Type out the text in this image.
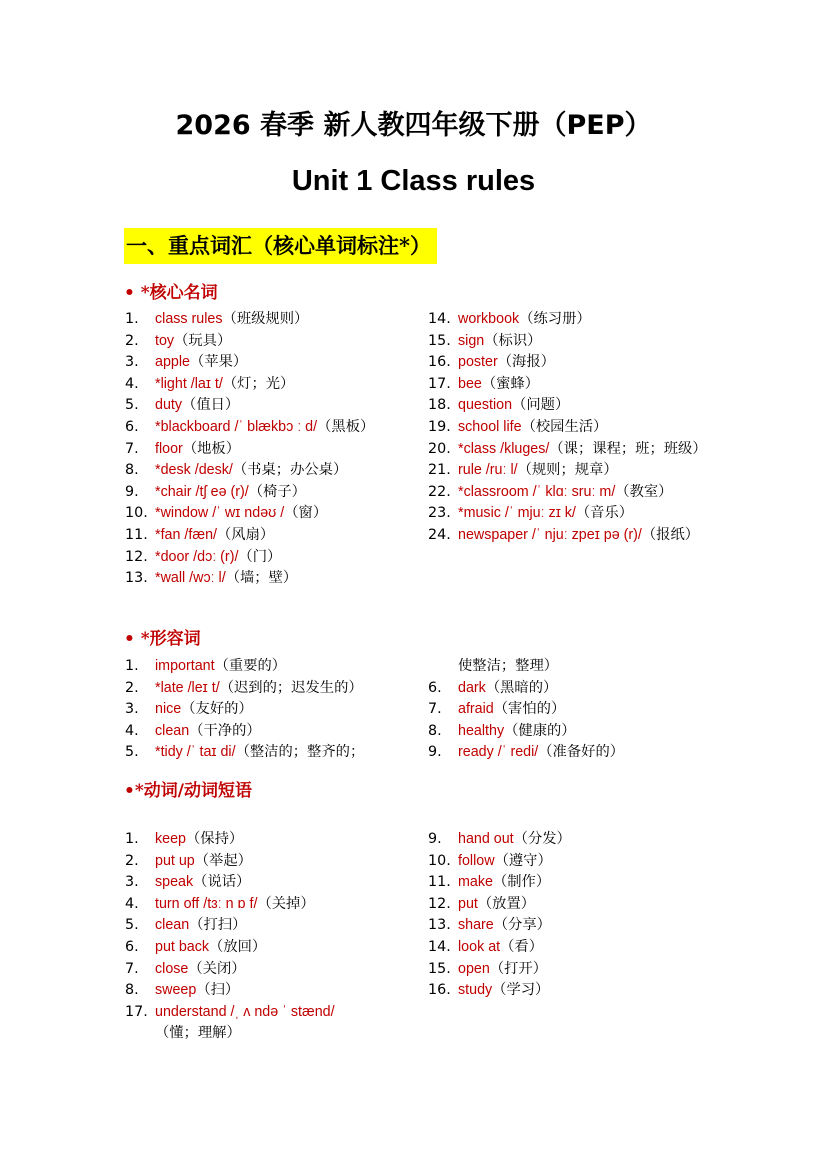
2026 春季 新人教四年级下册（PEP）
Unit 1 Class rules
一、重点词汇（核心单词标注*）
• *核心名词
1.	class rules（班级规则）
2.	toy（玩具）
3.	apple（苹果）
4.	*light /laɪ t/（灯；光）
5.	duty（值日）
6.	*blackboard /ˈ blækbɔ ː d/（黑板）
7.	floor（地板）
8.	*desk /desk/（书桌；办公桌）
9.	*chair /tʃ eə (r)/（椅子）
10. *window /ˈ wɪ ndəʊ /（窗）
11. *fan /fæn/（风扇）
12. *door /dɔː (r)/（门）
13. *wall /wɔː l/（墙；壁）
14. workbook（练习册）
15. sign（标识）
16. poster（海报）
17. bee（蜜蜂）
18. question（问题）
19. school life（校园生活）
20. *class /kluges/（课；课程；班；班级）
21. rule /ruː l/（规则；规章）
22. *classroom /ˈ klɑː sruː m/（教室）
23. *music /ˈ mjuː zɪ k/（音乐）
24. newspaper /ˈ njuː zpeɪ pə (r)/（报纸）
• *形容词
1.	important（重要的）
2.	*late /leɪ t/（迟到的；迟发生的）
3.	nice（友好的）
4.	clean（干净的）
5.	*tidy /ˈ taɪ di/（整洁的；整齐的；
使整洁；整理）
6.	dark（黑暗的）
7.	afraid（害怕的）
8.	healthy（健康的）
9.	ready /ˈ redi/（准备好的）
•*动词/动词短语
1.	keep（保持）
2.	put up（举起）
3.	speak（说话）
4.	turn off /tɜː n ɒ f/（关掉）
5.	clean（打扫）
6.	put back（放回）
7.	close（关闭）
8.	sweep（扫）
17. understand /ˌ ʌ ndə ˈ stænd/（懂；理解）
9.	hand out（分发）
10. follow（遵守）
11. make（制作）
12. put（放置）
13. share（分享）
14. look at（看）
15. open（打开）
16. study（学习）
